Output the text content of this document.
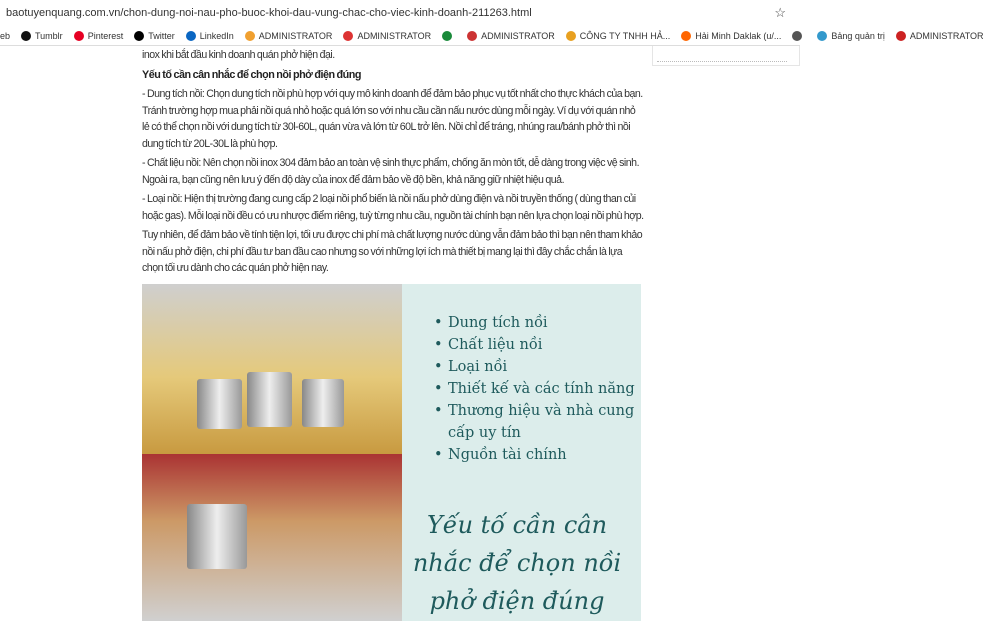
baotuyenquang.com.vn/chon-dung-noi-nau-pho-buoc-khoi-dau-vung-chac-cho-viec-kinh-doanh-211263.html	☆
eb	Tumblr	Pinterest	Twitter	LinkedIn	ADMINISTRATOR	ADMINISTRATOR	ADMINISTRATOR	CÔNG TY TNHH HẢ...	Hải Minh Daklak (u/...	Bảng quản trị	ADMINISTRATOR

inox khi bắt đầu kinh doanh quán phở hiện đại.

Yếu tố cần cân nhắc để chọn nồi phở điện đúng

- Dung tích nồi: Chọn dung tích nồi phù hợp với quy mô kinh doanh để đảm bảo phục vụ tốt nhất cho thực khách của bạn. Tránh trường hợp mua phải nồi quá nhỏ hoặc quá lớn so với nhu cầu cần nấu nước dùng mỗi ngày. Ví dụ với quán nhỏ lẻ có thể chọn nồi với dung tích từ 30l-60L, quán vừa và lớn từ 60L trở lên. Nồi chỉ để tráng, nhúng rau/bánh phở thì nồi dung tích từ 20L-30L là phù hợp.

- Chất liệu nồi: Nên chọn nồi inox 304 đảm bảo an toàn vệ sinh thực phẩm, chống ăn mòn tốt, dễ dàng trong việc vệ sinh. Ngoài ra, bạn cũng nên lưu ý đến độ dày của inox để đảm bảo về độ bền, khả năng giữ nhiệt hiệu quả.

- Loại nồi: Hiện thị trường đang cung cấp 2 loại nồi phổ biến là nồi nấu phở dùng điện và nồi truyền thống ( dùng than củi hoặc gas). Mỗi loại nồi đều có ưu nhược điểm riêng, tuỳ từng nhu cầu, nguồn tài chính bạn nên lựa chọn loại nồi phù hợp.

Tuy nhiên, để đảm bảo về tính tiện lợi, tối ưu được chi phí mà chất lượng nước dùng vẫn đảm bảo thì bạn nên tham khảo nồi nấu phở điện, chi phí đầu tư ban đầu cao nhưng so với những lợi ích mà thiết bị mang lại thì đây chắc chắn là lựa chọn tối ưu dành cho các quán phở hiện nay.

• Dung tích nồi
• Chất liệu nồi
• Loại nồi
• Thiết kế và các tính năng
• Thương hiệu và nhà cung cấp uy tín
• Nguồn tài chính
Yếu tố cần cân nhắc để chọn nồi phở điện đúng
